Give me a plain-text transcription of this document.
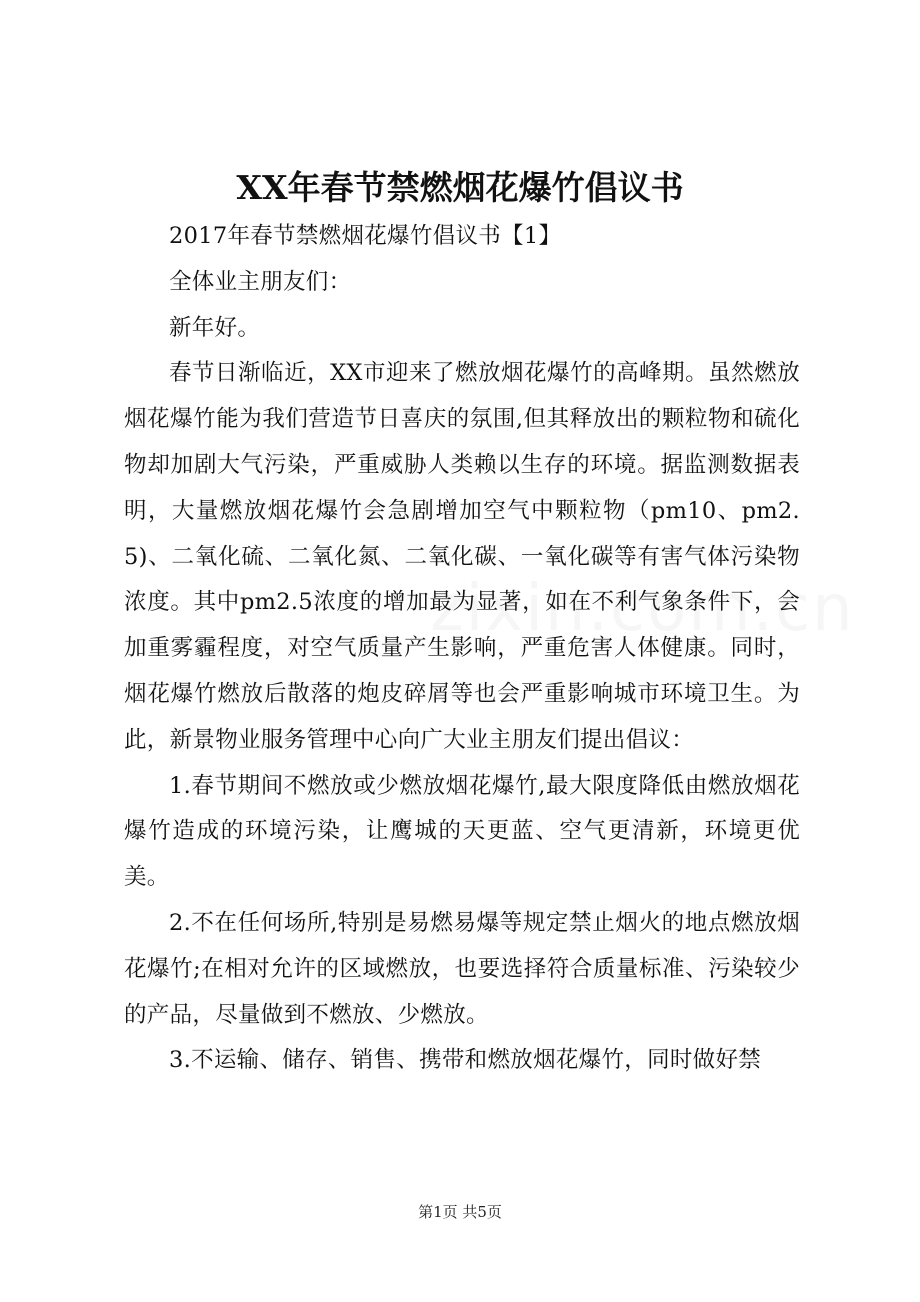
XX年春节禁燃烟花爆竹倡议书

2017年春节禁燃烟花爆竹倡议书【1】

全体业主朋友们：

新年好。

春节日渐临近，XX市迎来了燃放烟花爆竹的高峰期。虽然燃放烟花爆竹能为我们营造节日喜庆的氛围,但其释放出的颗粒物和硫化物却加剧大气污染，严重威胁人类赖以生存的环境。据监测数据表明，大量燃放烟花爆竹会急剧增加空气中颗粒物（pm10、pm2.5)、二氧化硫、二氧化氮、二氧化碳、一氧化碳等有害气体污染物浓度。其中pm2.5浓度的增加最为显著，如在不利气象条件下，会加重雾霾程度，对空气质量产生影响，严重危害人体健康。同时，烟花爆竹燃放后散落的炮皮碎屑等也会严重影响城市环境卫生。为此，新景物业服务管理中心向广大业主朋友们提出倡议：

1.春节期间不燃放或少燃放烟花爆竹,最大限度降低由燃放烟花爆竹造成的环境污染，让鹰城的天更蓝、空气更清新，环境更优美。

2.不在任何场所,特别是易燃易爆等规定禁止烟火的地点燃放烟花爆竹;在相对允许的区域燃放，也要选择符合质量标准、污染较少的产品，尽量做到不燃放、少燃放。

3.不运输、储存、销售、携带和燃放烟花爆竹，同时做好禁

第1页 共5页
